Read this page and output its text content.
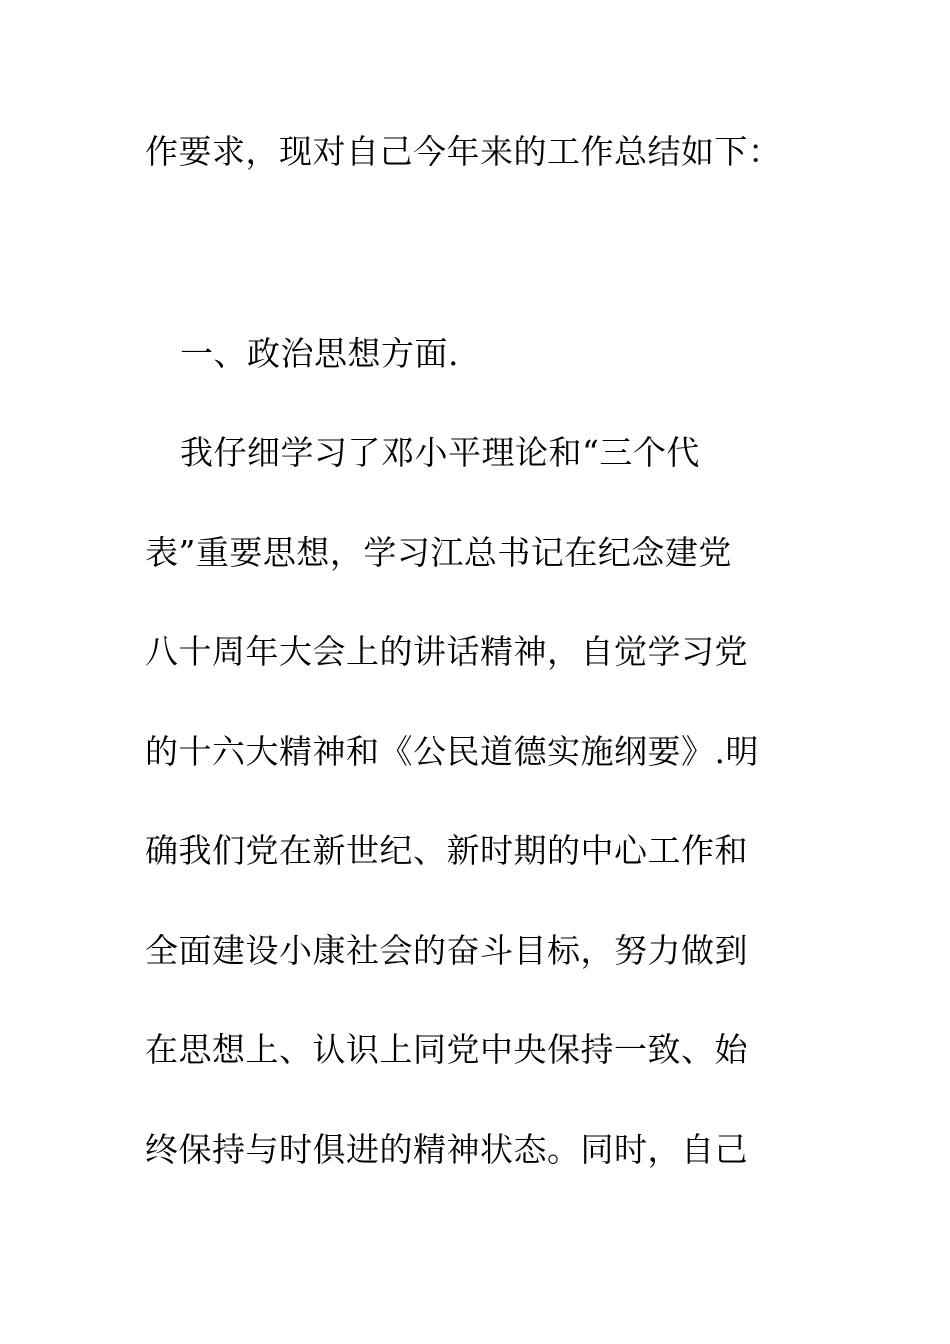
作要求，现对自己今年来的工作总结如下：
一、政治思想方面.
我仔细学习了邓小平理论和“三个代
表”重要思想，学习江总书记在纪念建党
八十周年大会上的讲话精神，自觉学习党
的十六大精神和《公民道德实施纲要》.明
确我们党在新世纪、新时期的中心工作和
全面建设小康社会的奋斗目标，努力做到
在思想上、认识上同党中央保持一致、始
终保持与时俱进的精神状态。同时，自己
